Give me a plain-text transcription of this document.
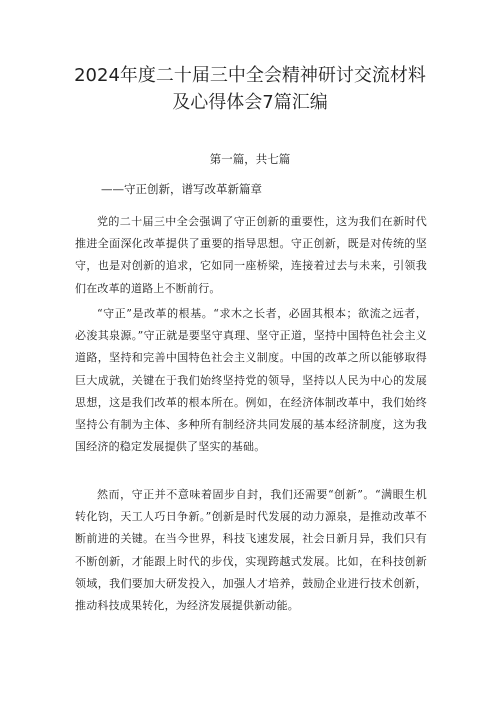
2024年度二十届三中全会精神研讨交流材料及心得体会7篇汇编

第一篇，共七篇

——守正创新，谱写改革新篇章

党的二十届三中全会强调了守正创新的重要性，这为我们在新时代推进全面深化改革提供了重要的指导思想。守正创新，既是对传统的坚守，也是对创新的追求，它如同一座桥梁，连接着过去与未来，引领我们在改革的道路上不断前行。

“守正”是改革的根基。“求木之长者，必固其根本；欲流之远者，必浚其泉源。”守正就是要坚守真理、坚守正道，坚持中国特色社会主义道路，坚持和完善中国特色社会主义制度。中国的改革之所以能够取得巨大成就，关键在于我们始终坚持党的领导，坚持以人民为中心的发展思想，这是我们改革的根本所在。例如，在经济体制改革中，我们始终坚持公有制为主体、多种所有制经济共同发展的基本经济制度，这为我国经济的稳定发展提供了坚实的基础。

然而，守正并不意味着固步自封，我们还需要“创新”。“满眼生机转化钧，天工人巧日争新。”创新是时代发展的动力源泉，是推动改革不断前进的关键。在当今世界，科技飞速发展，社会日新月异，我们只有不断创新，才能跟上时代的步伐，实现跨越式发展。比如，在科技创新领域，我们要加大研发投入，加强人才培养，鼓励企业进行技术创新，推动科技成果转化，为经济发展提供新动能。
